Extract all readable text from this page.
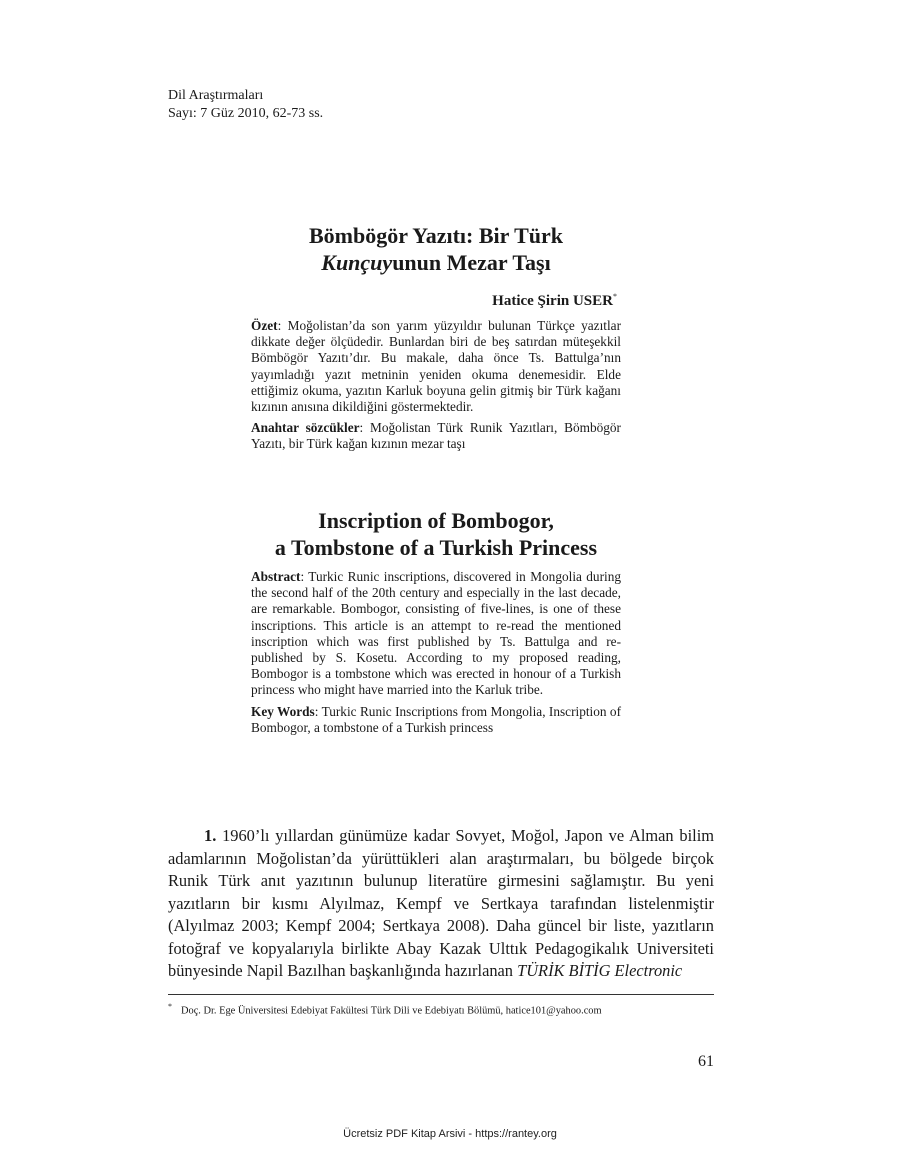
Dil Araştırmaları
Sayı: 7 Güz 2010, 62-73 ss.
Bömbögör Yazıtı: Bir Türk
Kunçuyunun Mezar Taşı
Hatice Şirin USER*

Özet: Moğolistan’da son yarım yüzyıldır bulunan Türkçe yazıtlar dikkate değer ölçüdedir. Bunlardan biri de beş satırdan müteşekkil Bömbögör Yazıtı’dır. Bu makale, daha önce Ts. Battulga’nın yayımladığı yazıt metninin yeniden okuma denemesidir. Elde ettiğimiz okuma, yazıtın Karluk boyuna gelin gitmiş bir Türk kağanı kızının anısına dikildiğini göstermektedir.

Anahtar sözcükler: Moğolistan Türk Runik Yazıtları, Bömbögör Yazıtı, bir Türk kağan kızının mezar taşı

Inscription of Bombogor,
a Tombstone of a Turkish Princess

Abstract: Turkic Runic inscriptions, discovered in Mongolia during the second half of the 20th century and especially in the last decade, are remarkable. Bombogor, consisting of five-lines, is one of these inscriptions. This article is an attempt to re-read the mentioned inscription which was first published by Ts. Battulga and re-published by S. Kosetu. According to my proposed reading, Bombogor is a tombstone which was erected in honour of a Turkish princess who might have married into the Karluk tribe.

Key Words: Turkic Runic Inscriptions from Mongolia, Inscription of Bombogor, a tombstone of a Turkish princess

1. 1960’lı yıllardan günümüze kadar Sovyet, Moğol, Japon ve Alman bilim adamlarının Moğolistan’da yürüttükleri alan araştırmaları, bu bölgede birçok Runik Türk anıt yazıtının bulunup literatüre girmesini sağlamıştır. Bu yeni yazıtların bir kısmı Alyılmaz, Kempf ve Sertkaya tarafından listelenmiştir (Alyılmaz 2003; Kempf 2004; Sertkaya 2008). Daha güncel bir liste, yazıtların fotoğraf ve kopyalarıyla birlikte Abay Kazak Ulttık Pedagogikalık Universiteti bünyesinde Napil Bazılhan başkanlığında hazırlanan TÜRİK BİTİG Electronic

* Doç. Dr. Ege Üniversitesi Edebiyat Fakültesi Türk Dili ve Edebiyatı Bölümü, hatice101@yahoo.com
61
Ücretsiz PDF Kitap Arsivi - https://rantey.org
